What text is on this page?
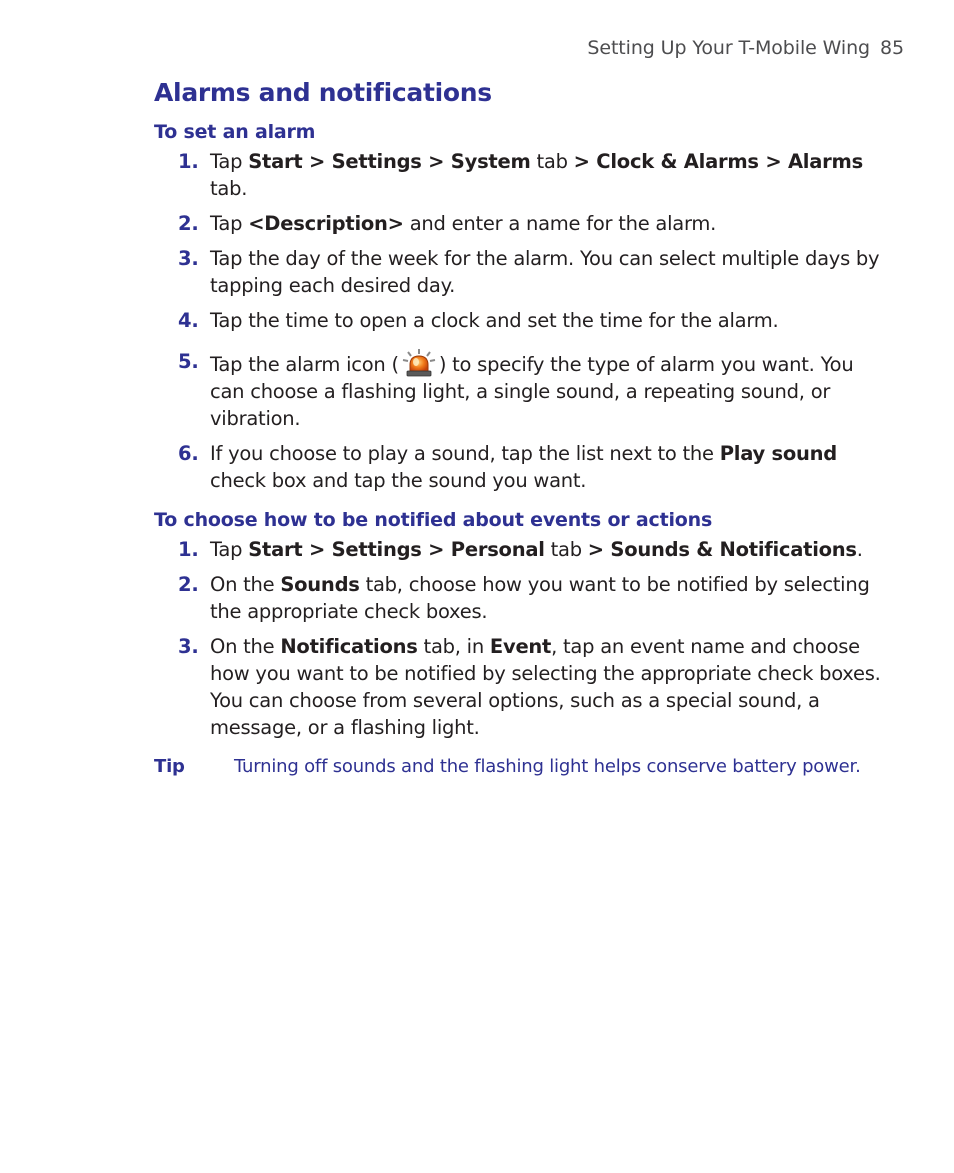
Setting Up Your T-Mobile Wing 85
Alarms and notifications
To set an alarm
1. Tap Start > Settings > System tab > Clock & Alarms > Alarms tab.
2. Tap <Description> and enter a name for the alarm.
3. Tap the day of the week for the alarm. You can select multiple days by tapping each desired day.
4. Tap the time to open a clock and set the time for the alarm.
5. Tap the alarm icon ( ) to specify the type of alarm you want. You can choose a flashing light, a single sound, a repeating sound, or vibration.
6. If you choose to play a sound, tap the list next to the Play sound check box and tap the sound you want.
To choose how to be notified about events or actions
1. Tap Start > Settings > Personal tab > Sounds & Notifications.
2. On the Sounds tab, choose how you want to be notified by selecting the appropriate check boxes.
3. On the Notifications tab, in Event, tap an event name and choose how you want to be notified by selecting the appropriate check boxes. You can choose from several options, such as a special sound, a message, or a flashing light.
Tip	Turning off sounds and the flashing light helps conserve battery power.
